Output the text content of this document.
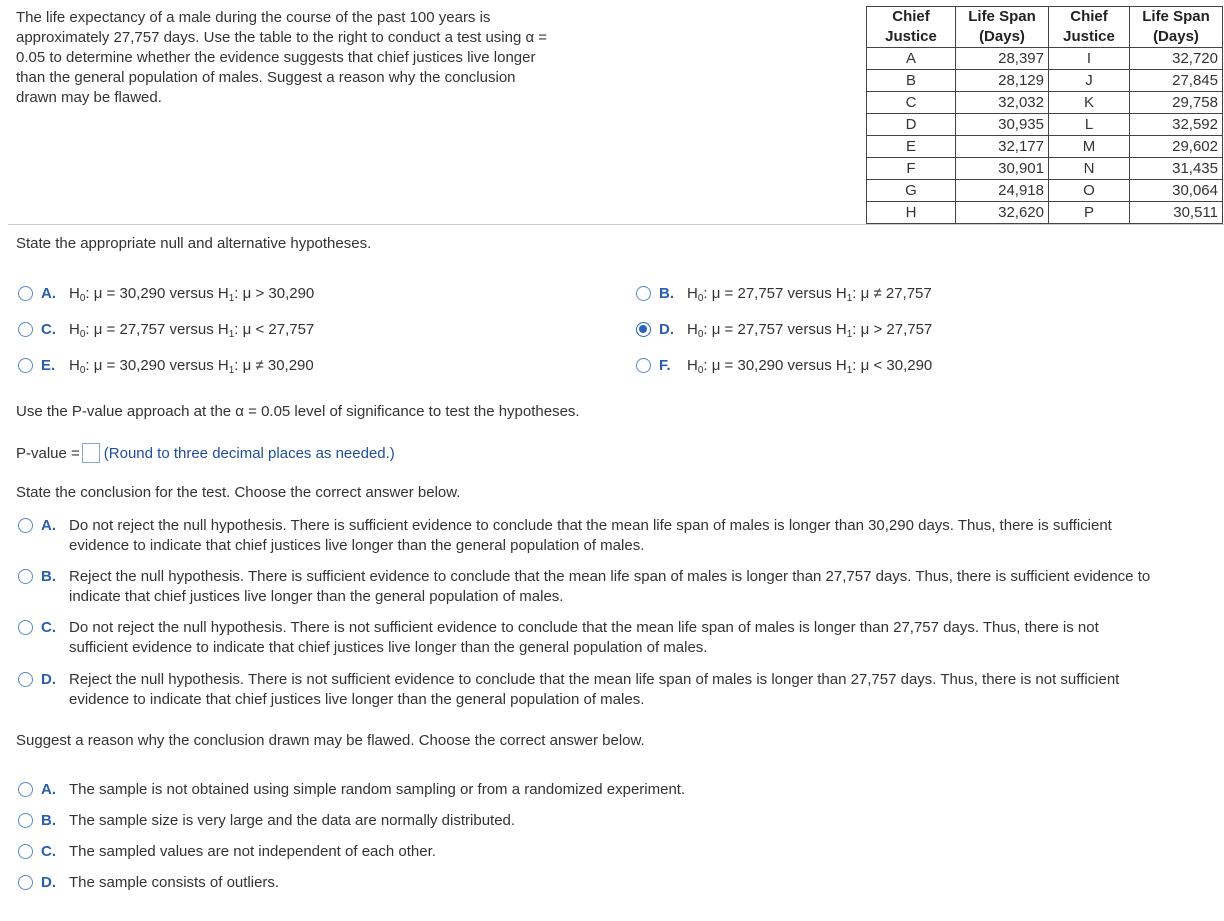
The life expectancy of a male during the course of the past 100 years is approximately 27,757 days. Use the table to the right to conduct a test using α = 0.05 to determine whether the evidence suggests that chief justices live longer than the general population of males. Suggest a reason why the conclusion drawn may be flawed.
Chief Justice	Life Span (Days)	Chief Justice	Life Span (Days)
A	28,397	I	32,720
B	28,129	J	27,845
C	32,032	K	29,758
D	30,935	L	32,592
E	32,177	M	29,602
F	30,901	N	31,435
G	24,918	O	30,064
H	32,620	P	30,511
State the appropriate null and alternative hypotheses.
A. $H_0$: μ = 30,290 versus $H_1$: μ > 30,290	B. $H_0$: μ = 27,757 versus $H_1$: μ ≠ 27,757
C. $H_0$: μ = 27,757 versus $H_1$: μ < 27,757	D. $H_0$: μ = 27,757 versus $H_1$: μ > 27,757
E. $H_0$: μ = 30,290 versus $H_1$: μ ≠ 30,290	F.	$H_0$: μ = 30,290 versus $H_1$: μ < 30,290
Use the P-value approach at the α = 0.05 level of significance to test the hypotheses.
P-value = (Round to three decimal places as needed.)
State the conclusion for the test. Choose the correct answer below.
A. Do not reject the null hypothesis. There is sufficient evidence to conclude that the mean life span of males is longer than 30,290 days. Thus, there is sufficient
evidence to indicate that chief justices live longer than the general population of males.
B. Reject the null hypothesis. There is sufficient evidence to conclude that the mean life span of males is longer than 27,757 days. Thus, there is sufficient evidence to
indicate that chief justices live longer than the general population of males.
C. Do not reject the null hypothesis. There is not sufficient evidence to conclude that the mean life span of males is longer than 27,757 days. Thus, there is not
sufficient evidence to indicate that chief justices live longer than the general population of males.
D. Reject the null hypothesis. There is not sufficient evidence to conclude that the mean life span of males is longer than 27,757 days. Thus, there is not sufficient
evidence to indicate that chief justices live longer than the general population of males.
Suggest a reason why the conclusion drawn may be flawed. Choose the correct answer below.
A. The sample is not obtained using simple random sampling or from a randomized experiment.
B. The sample size is very large and the data are normally distributed.
C. The sampled values are not independent of each other.
D. The sample consists of outliers.
